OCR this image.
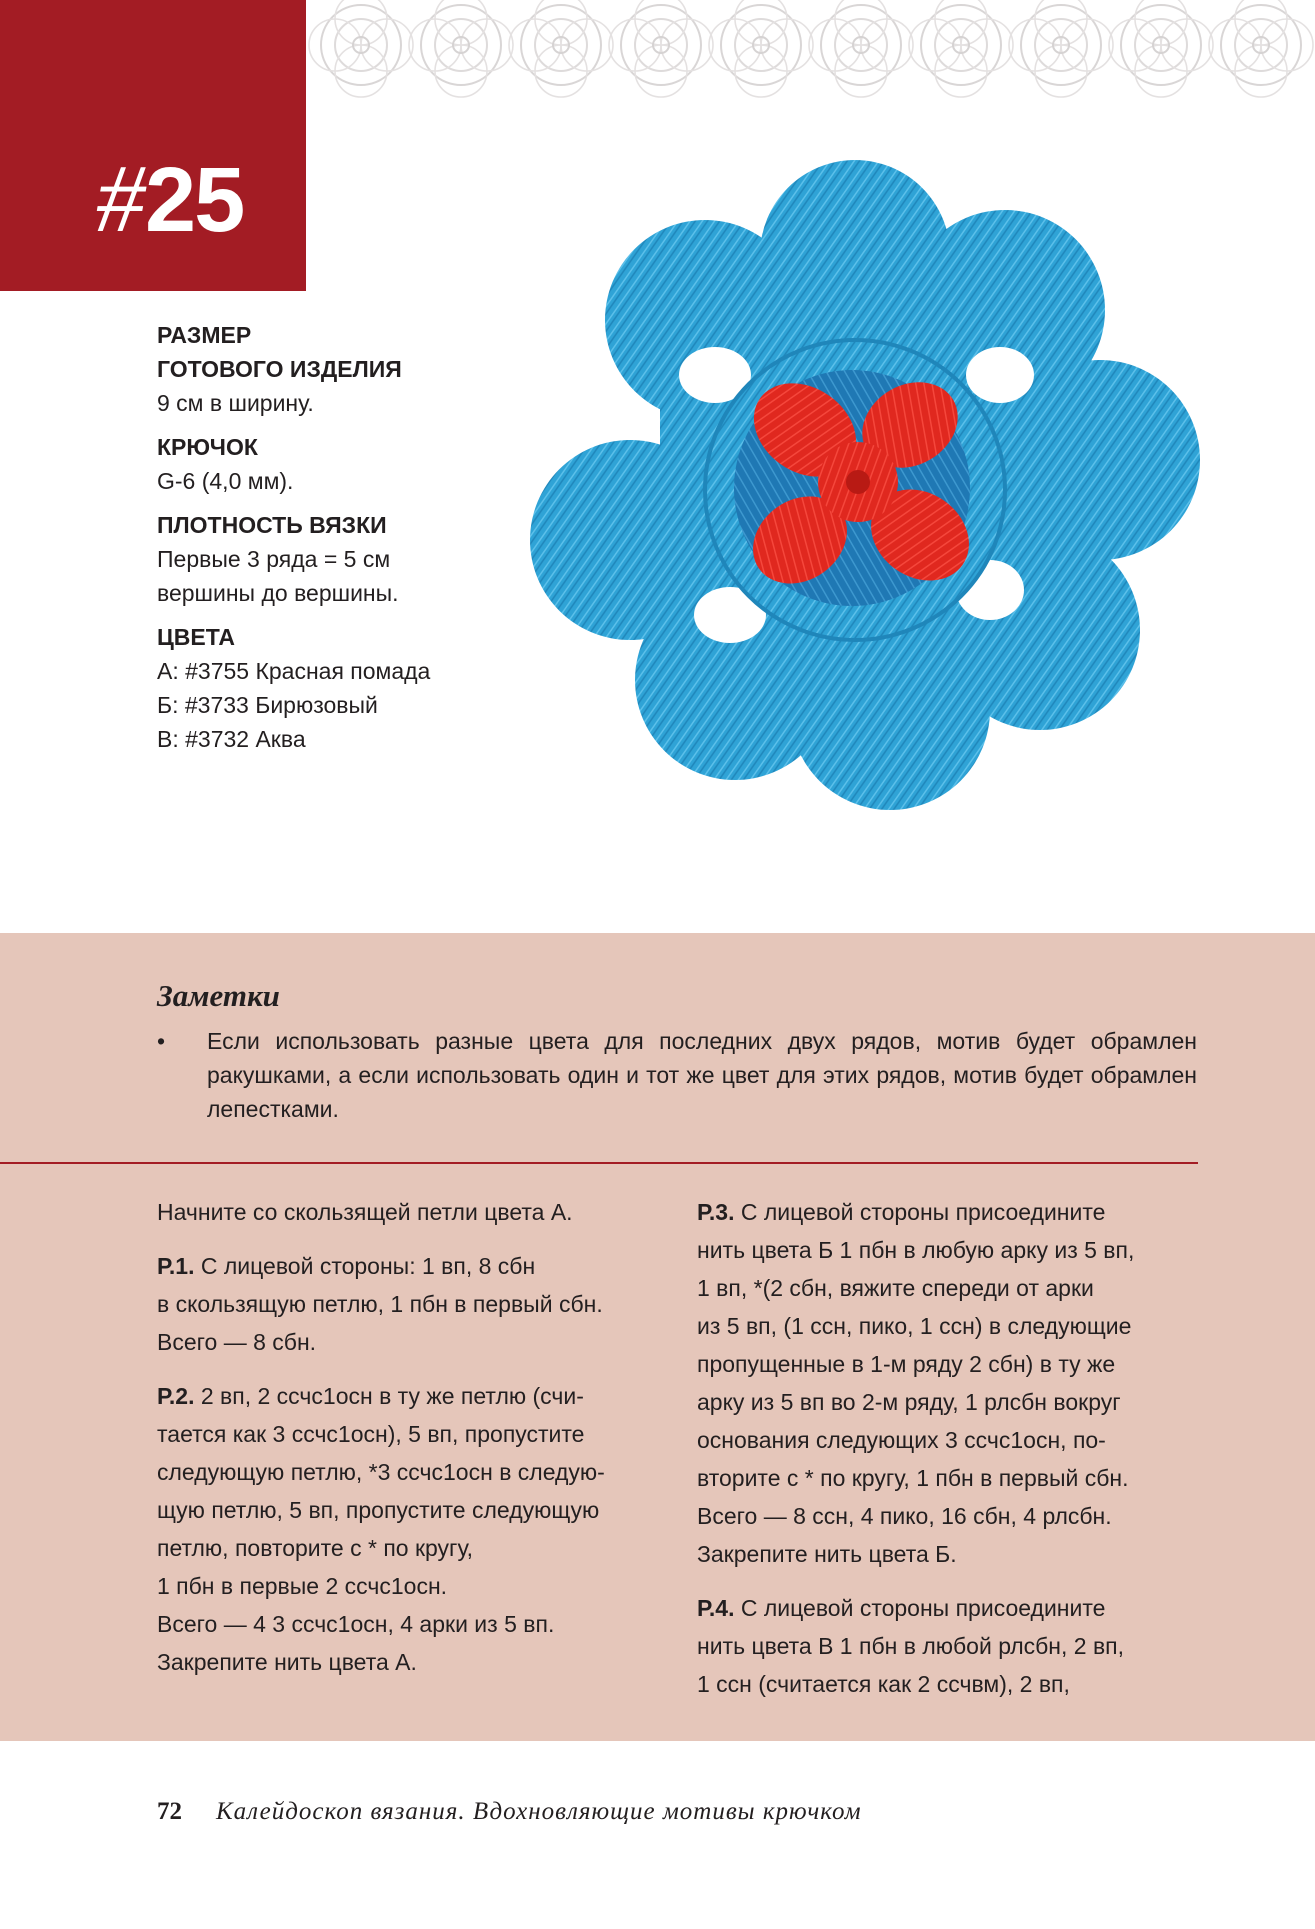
#25

РАЗМЕР

ГОТОВОГО ИЗДЕЛИЯ

9 см в ширину.

КРЮЧОК

G-6 (4,0 мм).

ПЛОТНОСТЬ ВЯЗКИ

Первые 3 ряда = 5 см

вершины до вершины.

ЦВЕТА

А: #3755 Красная помада

Б: #3733 Бирюзовый

В: #3732 Аква

Заметки
• Если использовать разные цвета для последних двух рядов, мотив будет обрамлен ракушками, а если использовать один и тот же цвет для этих рядов, мотив будет обрамлен лепестками.

Начните со скользящей петли цвета А.

Р.1. С лицевой стороны: 1 вп, 8 сбн
в скользящую петлю, 1 пбн в первый сбн.
Всего — 8 сбн.

Р.2. 2 вп, 2 ссчс1осн в ту же петлю (счи-
тается как 3 ссчс1осн), 5 вп, пропустите
следующую петлю, *3 ссчс1осн в следую-
щую петлю, 5 вп, пропустите следующую
петлю, повторите с * по кругу,
1 пбн в первые 2 ссчс1осн.
Всего — 4 3 ссчс1осн, 4 арки из 5 вп.
Закрепите нить цвета А.

Р.3. С лицевой стороны присоедините
нить цвета Б 1 пбн в любую арку из 5 вп,
1 вп, *(2 сбн, вяжите спереди от арки
из 5 вп, (1 ссн, пико, 1 ссн) в следующие
пропущенные в 1-м ряду 2 сбн) в ту же
арку из 5 вп во 2-м ряду, 1 рлсбн вокруг
основания следующих 3 ссчс1осн, по-
вторите с * по кругу, 1 пбн в первый сбн.
Всего — 8 ссн, 4 пико, 16 сбн, 4 рлсбн.
Закрепите нить цвета Б.

Р.4. С лицевой стороны присоедините
нить цвета В 1 пбн в любой рлсбн, 2 вп,
1 ссн (считается как 2 ссчвм), 2 вп,

72 Калейдоскоп вязания. Вдохновляющие мотивы крючком
